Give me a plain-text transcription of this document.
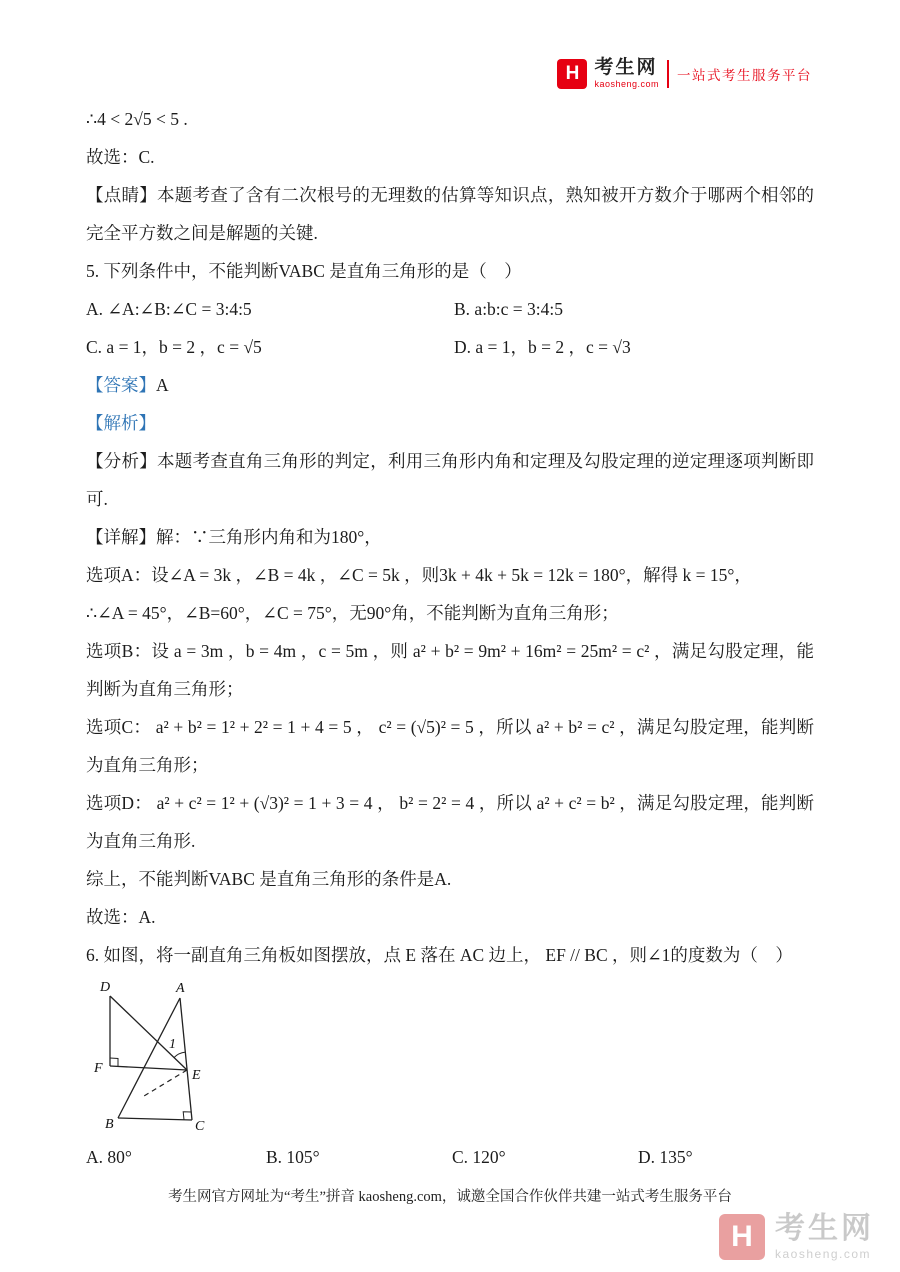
H 考生网
kaosheng.com
一站式考生服务平台

∴4 < 2√5 < 5 .

故选：C.

【点睛】本题考查了含有二次根号的无理数的估算等知识点，熟知被开方数介于哪两个相邻的完全平方数之间是解题的关键.

5. 下列条件中，不能判断VABC 是直角三角形的是（　）

A. ∠A:∠B:∠C = 3:4:5	B. a:b:c = 3:4:5
C. a = 1，b = 2 ，c = √5	D. a = 1，b = 2 ，c = √3

【答案】A

【解析】

【分析】本题考查直角三角形的判定，利用三角形内角和定理及勾股定理的逆定理逐项判断即可.

【详解】解：∵三角形内角和为180°，

选项A：设∠A = 3k ，∠B = 4k ，∠C = 5k ，则3k + 4k + 5k = 12k = 180°，解得 k = 15°，

∴∠A = 45°，∠B=60°，∠C = 75°，无90°角，不能判断为直角三角形；

选项B：设 a = 3m ，b = 4m ，c = 5m ，则 a² + b² = 9m² + 16m² = 25m² = c² ，满足勾股定理，能判断为直角三角形；

选项C： a² + b² = 1² + 2² = 1 + 4 = 5 ， c² = (√5)² = 5 ，所以 a² + b² = c² ，满足勾股定理，能判断为直角三角形；

选项D： a² + c² = 1² + (√3)² = 1 + 3 = 4 ， b² = 2² = 4 ，所以 a² + c² = b² ，满足勾股定理，能判断为直角三角形.

综上，不能判断VABC 是直角三角形的条件是A.

故选：A.

6. 如图，将一副直角三角板如图摆放，点 E 落在 AC 边上， EF // BC ，则∠1的度数为（　）

D	A
F	E
B	C
1
A. 80°	B. 105°	C. 120°	D. 135°
考生网官方网址为“考生”拼音 kaosheng.com，诚邀全国合作伙伴共建一站式考生服务平台
H 考生网
kaosheng.com
